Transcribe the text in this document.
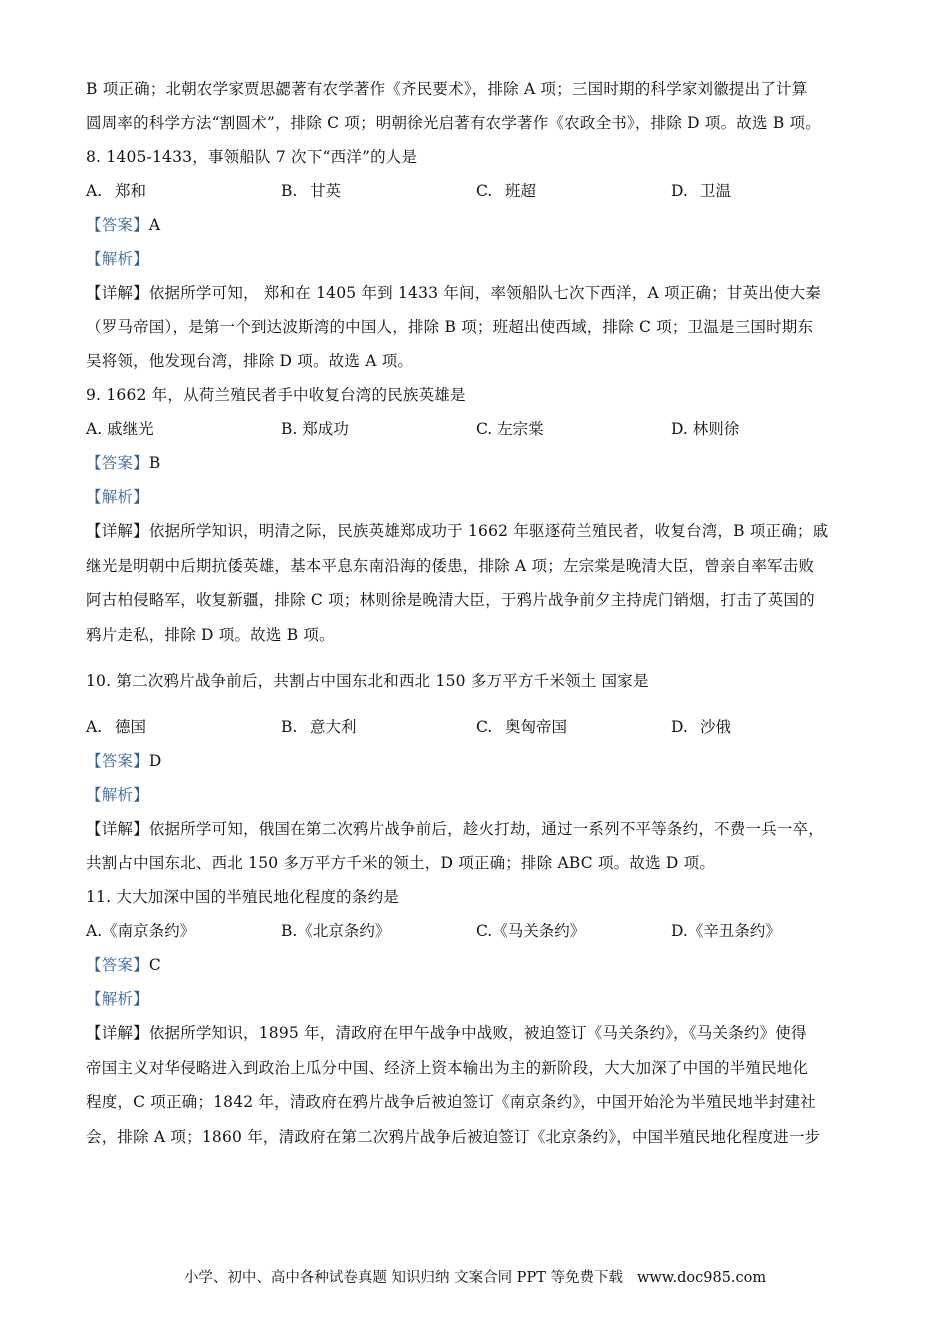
B 项正确；北朝农学家贾思勰著有农学著作《齐民要术》，排除 A 项；三国时期的科学家刘徽提出了计算
圆周率的科学方法“割圆术”，排除 C 项；明朝徐光启著有农学著作《农政全书》，排除 D 项。故选 B 项。
8. 1405-1433，事领船队 7 次下“西洋”的人是
A. 郑和	B. 甘英	C. 班超	D. 卫温
【答案】A
【解析】
【详解】依据所学可知， 郑和在 1405 年到 1433 年间，率领船队七次下西洋，A 项正确；甘英出使大秦
（罗马帝国），是第一个到达波斯湾的中国人，排除 B 项；班超出使西域，排除 C 项；卫温是三国时期东
吴将领，他发现台湾，排除 D 项。故选 A 项。
9. 1662 年，从荷兰殖民者手中收复台湾的民族英雄是
A. 戚继光	B. 郑成功	C. 左宗棠	D. 林则徐
【答案】B
【解析】
【详解】依据所学知识，明清之际，民族英雄郑成功于 1662 年驱逐荷兰殖民者，收复台湾，B 项正确；戚
继光是明朝中后期抗倭英雄，基本平息东南沿海的倭患，排除 A 项；左宗棠是晚清大臣，曾亲自率军击败
阿古柏侵略军，收复新疆，排除 C 项；林则徐是晚清大臣，于鸦片战争前夕主持虎门销烟，打击了英国的
鸦片走私，排除 D 项。故选 B 项。
10. 第二次鸦片战争前后，共割占中国东北和西北 150 多万平方千米领土 国家是
A. 德国	B. 意大利	C. 奥匈帝国	D. 沙俄
【答案】D
【解析】
【详解】依据所学可知，俄国在第二次鸦片战争前后，趁火打劫，通过一系列不平等条约，不费一兵一卒，
共割占中国东北、西北 150 多万平方千米的领土，D 项正确；排除 ABC 项。故选 D 项。
11. 大大加深中国的半殖民地化程度的条约是
A.《南京条约》	B.《北京条约》	C.《马关条约》	D.《辛丑条约》
【答案】C
【解析】
【详解】依据所学知识，1895 年，清政府在甲午战争中战败，被迫签订《马关条约》，《马关条约》使得
帝国主义对华侵略进入到政治上瓜分中国、经济上资本输出为主的新阶段，大大加深了中国的半殖民地化
程度，C 项正确；1842 年，清政府在鸦片战争后被迫签订《南京条约》，中国开始沦为半殖民地半封建社
会，排除 A 项；1860 年，清政府在第二次鸦片战争后被迫签订《北京条约》，中国半殖民地化程度进一步
小学、初中、高中各种试卷真题 知识归纳 文案合同 PPT 等免费下载 www.doc985.com
